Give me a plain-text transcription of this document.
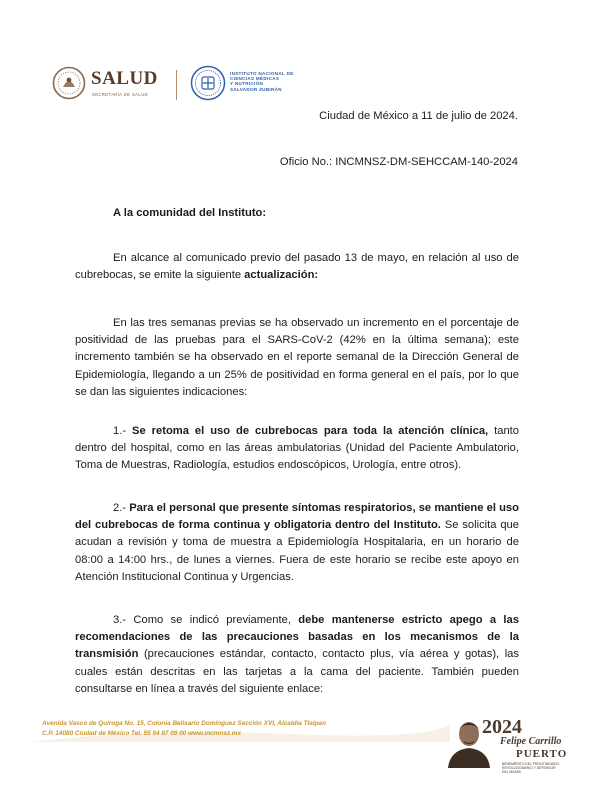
SALUD
SECRETARÍA DE SALUD
INSTITUTO NACIONAL DE
CIENCIAS MÉDICAS
Y NUTRICIÓN
SALVADOR ZUBIRÁN
Ciudad de México a 11 de julio de 2024.
Oficio No.: INCMNSZ-DM-SEHCCAM-140-2024
A la comunidad del Instituto:
En alcance al comunicado previo del pasado 13 de mayo, en relación al uso de cubrebocas, se emite la siguiente actualización:
En las tres semanas previas se ha observado un incremento en el porcentaje de positividad de las pruebas para el SARS-CoV-2 (42% en la última semana); este incremento también se ha observado en el reporte semanal de la Dirección General de Epidemiología, llegando a un 25% de positividad en forma general en el país, por lo que se dan las siguientes indicaciones:
1.- Se retoma el uso de cubrebocas para toda la atención clínica, tanto dentro del hospital, como en las áreas ambulatorias (Unidad del Paciente Ambulatorio, Toma de Muestras, Radiología, estudios endoscópicos, Urología, entre otros).
2.- Para el personal que presente síntomas respiratorios, se mantiene el uso del cubrebocas de forma continua y obligatoria dentro del Instituto. Se solicita que acudan a revisión y toma de muestra a Epidemiología Hospitalaria, en un horario de 08:00 a 14:00 hrs., de lunes a viernes. Fuera de este horario se recibe este apoyo en Atención Institucional Continua y Urgencias.
3.- Como se indicó previamente, debe mantenerse estricto apego a las recomendaciones de las precauciones basadas en los mecanismos de la transmisión (precauciones estándar, contacto, contacto plus, vía aérea y gotas), las cuales están descritas en las tarjetas a la cama del paciente. También pueden consultarse en línea a través del siguiente enlace:
Avenida Vasco de Quiroga No. 15, Colonia Belisario Domínguez Sección XVI, Alcaldía Tlalpan
C.P. 14080 Ciudad de México Tel. 55 54 87 09 00 www.incmnsz.mx	2024
Felipe Carrillo
PUERTO
BENEMÉRITO DEL PROLETARIADO,
REVOLUCIONARIO Y DEFENSOR
DEL MAYAB
